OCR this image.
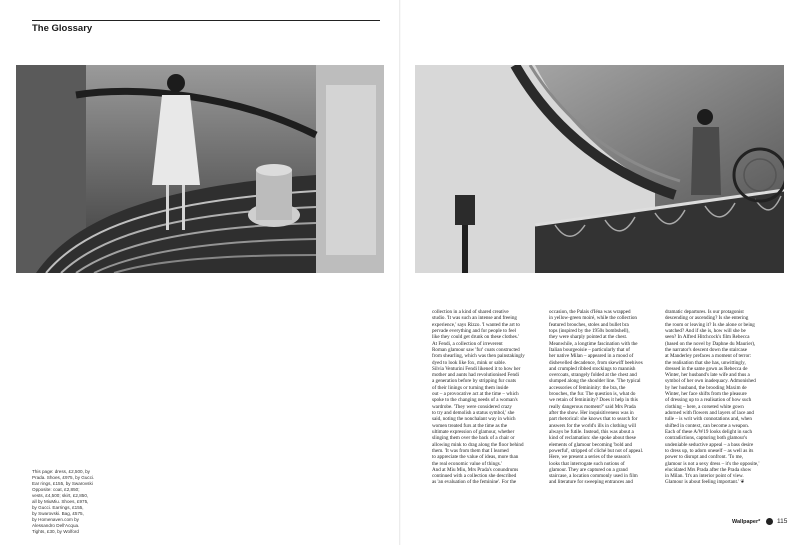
The Glossary
This page: dress, £2,500, by
Prada. Shoes, £975, by Gucci.
Ear rings, £155, by Swarovski
Opposite: coat, £2,850;
vests, £4,500; skirt, £2,850,
all by MiuMiu. Shoes, £975,
by Gucci. Earrings, £155,
by Swarovski. Bag, £575,
by Homenaven.com by
Alessandro Dell'Acqua.
Tights, £30, by Wolford
collection in a kind of shared creative
studio. 'It was such an intense and freeing
experience,' says Rizzo. 'I wanted the art to
pervade everything and for people to feel
like they could get drunk on these clothes.'
At Fendi, a collection of irreverent
Roman glamour saw 'fur' coats constructed
from shearling, which was then painstakingly
dyed to look like fox, mink or sable.
Silvia Venturini Fendi likened it to how her
mother and aunts had revolutionised Fendi
a generation before by stripping fur coats
of their linings or turning them inside
out – a provocative act at the time – which
spoke to the changing needs of a woman's
wardrobe. 'They were considered crazy
to try and demolish a status symbol,' she
said, noting the nonchalant way in which
women treated furs at the time as the
ultimate expression of glamour, whether
slinging them over the back of a chair or
allowing mink to drag along the floor behind
them. 'It was from them that I learned
to appreciate the value of ideas, more than
the real economic value of things.'
And at Miu Miu, Mrs Prada's conundrums
continued with a collection she described
as 'an evaluation of the feminine'. For the
occasion, the Palais d'Iéna was wrapped
in yellow-green moiré, while the collection
featured brooches, stoles and bullet bra
tops (inspired by the 1950s bombshell),
they were sharply pointed at the chest.
Meanwhile, a longtime fascination with the
Italian bourgeoisie – particularly that of
her native Milan – appeared in a mood of
dishevelled decadence, from skewiff beehives
and crumpled ribbed stockings to mannish
overcoats, strangely folded at the chest and
slumped along the shoulder line. 'The typical
accessories of femininity: the bra, the
brooches, the fur. The question is, what do
we retain of femininity? Does it help in this
really dangerous moment?' said Mrs Prada
after the show. Her inquisitiveness was in
part rhetorical: she knows that to search for
answers for the world's ills in clothing will
always be futile. Instead, this was about a
kind of reclamation: she spoke about these
elements of glamour becoming 'bold and
powerful', stripped of cliché but not of appeal.
Here, we present a series of the season's
looks that interrogate such notions of
glamour. They are captured on a grand
staircase, a location commonly used in film
and literature for sweeping entrances and
dramatic departures. Is our protagonist
descending or ascending? Is she entering
the room or leaving it? Is she alone or being
watched? And if she is, how will she be
seen? In Alfred Hitchcock's film Rebecca
(based on the novel by Daphne du Maurier),
the narrator's descent down the staircase
at Manderley prefaces a moment of terror:
the realisation that she has, unwittingly,
dressed in the same gown as Rebecca de
Winter, her husband's late wife and thus a
symbol of her own inadequacy. Admonished
by her husband, the brooding Maxim de
Winter, her face shifts from the pleasure
of dressing up to a realisation of how such
clothing – here, a corseted white gown
adorned with flowers and layers of lace and
tulle – is writ with connotations and, when
shifted in context, can become a weapon.
Each of these A/W19 looks delight in such
contradictions, capturing both glamour's
undeniable seductive appeal – a bass desire
to dress up, to adorn oneself – as well as its
power to disrupt and confront. 'To me,
glamour is not a sexy dress – it's the opposite,'
elucidated Mrs Prada after the Prada show
in Milan. 'It's an interior point of view.
Glamour is about feeling important.' ❦
Wallpaper*	115
